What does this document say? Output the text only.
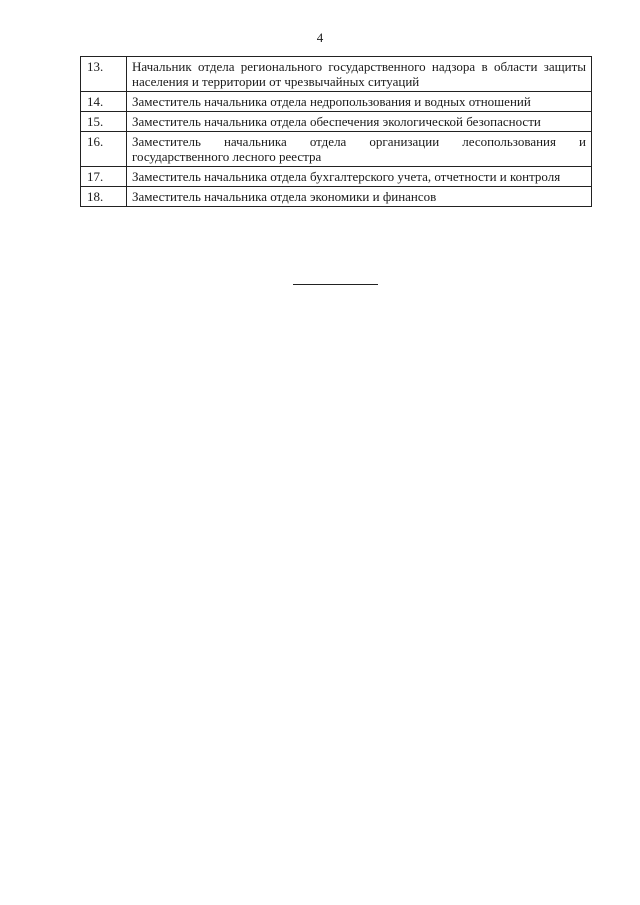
4
13.	Начальник отдела регионального государственного надзора в области защиты населения и территории от чрезвычайных ситуаций
14.	Заместитель начальника отдела недропользования и водных отношений
15.	Заместитель начальника отдела обеспечения экологической безопасности
16.	Заместитель начальника отдела организации лесопользования и государственного лесного реестра
17.	Заместитель начальника отдела бухгалтерского учета, отчетности и контроля
18.	Заместитель начальника отдела экономики и финансов
